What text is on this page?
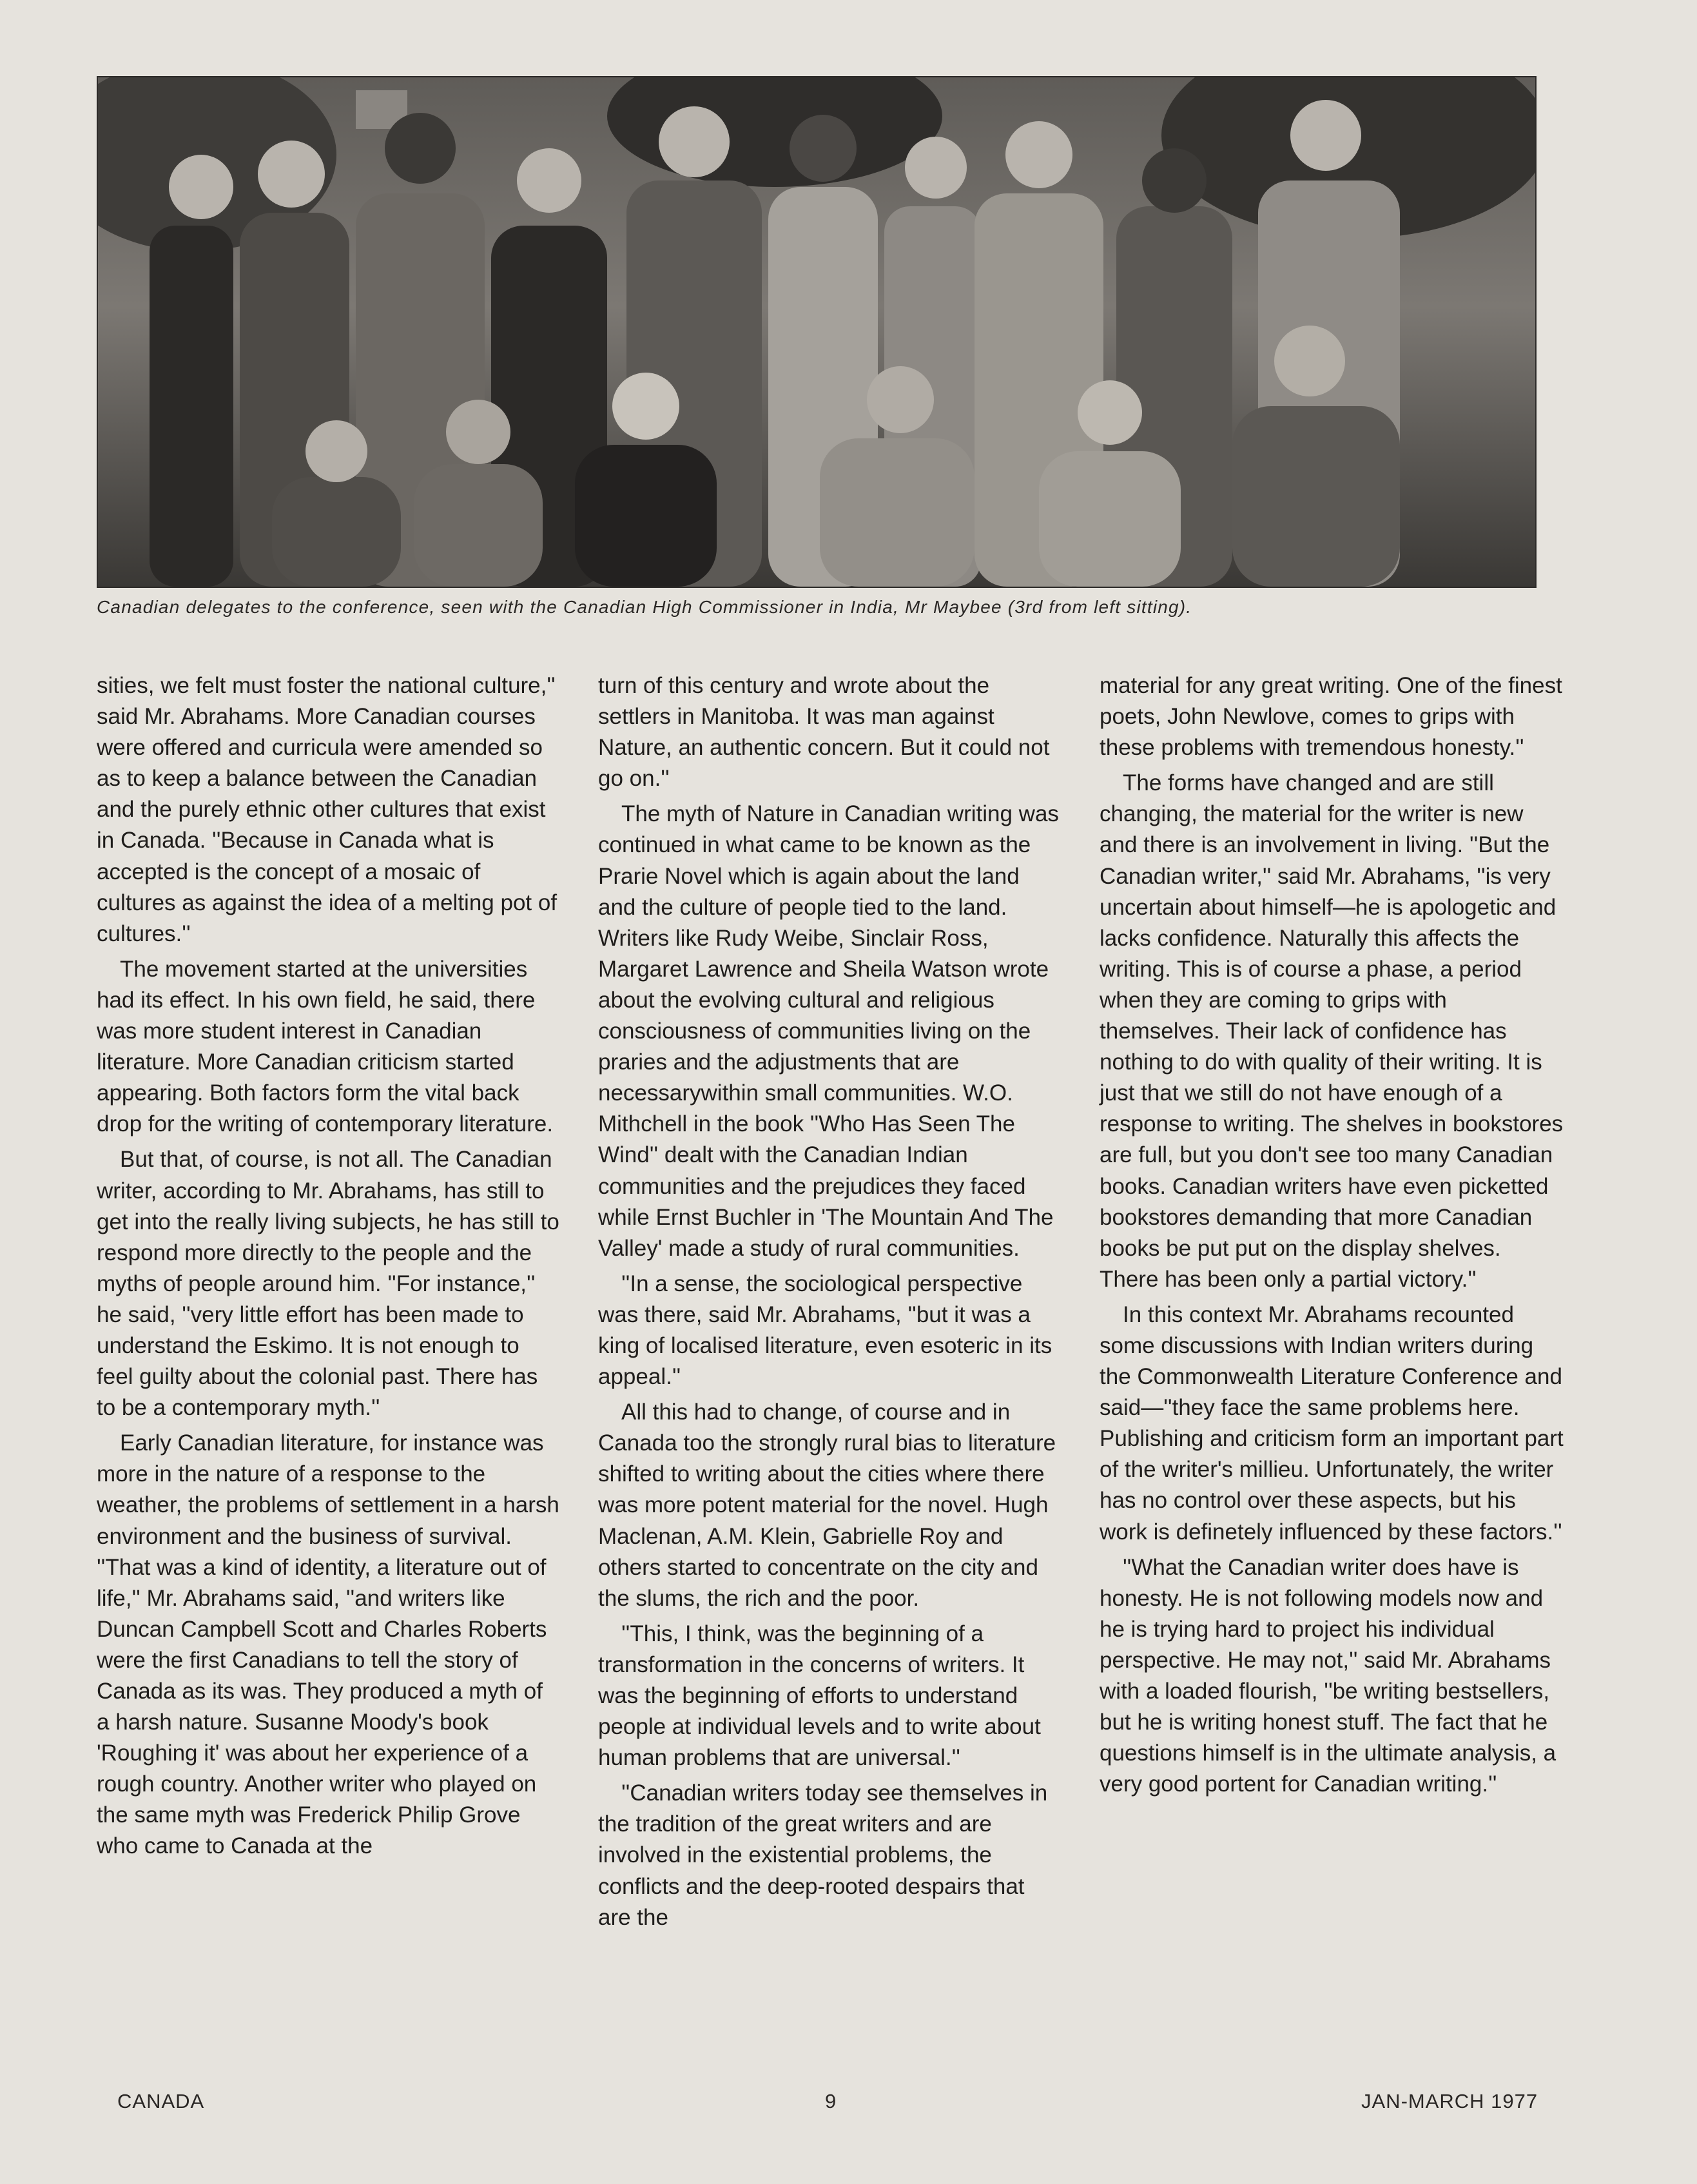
Canadian delegates to the conference, seen with the Canadian High Commissioner in India, Mr Maybee (3rd from left sitting).

sities, we felt must foster the national culture,'' said Mr. Abrahams. More Canadian courses were offered and curricula were amended so as to keep a balance between the Canadian and the purely ethnic other cultures that exist in Canada. ''Because in Canada what is accepted is the concept of a mosaic of cultures as against the idea of a melting pot of cultures.''

The movement started at the universities had its effect. In his own field, he said, there was more student interest in Canadian literature. More Canadian criticism started appearing. Both factors form the vital back drop for the writing of contemporary literature.

But that, of course, is not all. The Canadian writer, according to Mr. Abrahams, has still to get into the really living subjects, he has still to respond more directly to the people and the myths of people around him. ''For instance,'' he said, ''very little effort has been made to understand the Eskimo. It is not enough to feel guilty about the colonial past. There has to be a contemporary myth.''

Early Canadian literature, for instance was more in the nature of a response to the weather, the problems of settlement in a harsh environment and the business of survival. ''That was a kind of identity, a literature out of life,'' Mr. Abrahams said, ''and writers like Duncan Campbell Scott and Charles Roberts were the first Canadians to tell the story of Canada as its was. They produced a myth of a harsh nature. Susanne Moody's book 'Roughing it' was about her experience of a rough country. Another writer who played on the same myth was Frederick Philip Grove who came to Canada at the

turn of this century and wrote about the settlers in Manitoba. It was man against Nature, an authentic concern. But it could not go on.''

The myth of Nature in Canadian writing was continued in what came to be known as the Prarie Novel which is again about the land and the culture of people tied to the land. Writers like Rudy Weibe, Sinclair Ross, Margaret Lawrence and Sheila Watson wrote about the evolving cultural and religious consciousness of communities living on the praries and the adjustments that are necessarywithin small communities. W.O. Mithchell in the book ''Who Has Seen The Wind'' dealt with the Canadian Indian communities and the prejudices they faced while Ernst Buchler in 'The Mountain And The Valley' made a study of rural communities.

''In a sense, the sociological perspective was there, said Mr. Abrahams, ''but it was a king of localised literature, even esoteric in its appeal.''

All this had to change, of course and in Canada too the strongly rural bias to literature shifted to writing about the cities where there was more potent material for the novel. Hugh Maclenan, A.M. Klein, Gabrielle Roy and others started to concentrate on the city and the slums, the rich and the poor.

''This, I think, was the beginning of a transformation in the concerns of writers. It was the beginning of efforts to understand people at individual levels and to write about human problems that are universal.''

''Canadian writers today see themselves in the tradition of the great writers and are involved in the existential problems, the conflicts and the deep-rooted despairs that are the

material for any great writing. One of the finest poets, John Newlove, comes to grips with these problems with tremendous honesty.''

The forms have changed and are still changing, the material for the writer is new and there is an involvement in living. ''But the Canadian writer,'' said Mr. Abrahams, ''is very uncertain about himself—he is apologetic and lacks confidence. Naturally this affects the writing. This is of course a phase, a period when they are coming to grips with themselves. Their lack of confidence has nothing to do with quality of their writing. It is just that we still do not have enough of a response to writing. The shelves in bookstores are full, but you don't see too many Canadian books. Canadian writers have even picketted bookstores demanding that more Canadian books be put put on the display shelves. There has been only a partial victory.''

In this context Mr. Abrahams recounted some discussions with Indian writers during the Commonwealth Literature Conference and said—''they face the same problems here. Publishing and criticism form an important part of the writer's millieu. Unfortunately, the writer has no control over these aspects, but his work is definetely influenced by these factors.''

''What the Canadian writer does have is honesty. He is not following models now and he is trying hard to project his individual perspective. He may not,'' said Mr. Abrahams with a loaded flourish, ''be writing bestsellers, but he is writing honest stuff. The fact that he questions himself is in the ultimate analysis, a very good portent for Canadian writing.''

CANADA	9	JAN-MARCH 1977
